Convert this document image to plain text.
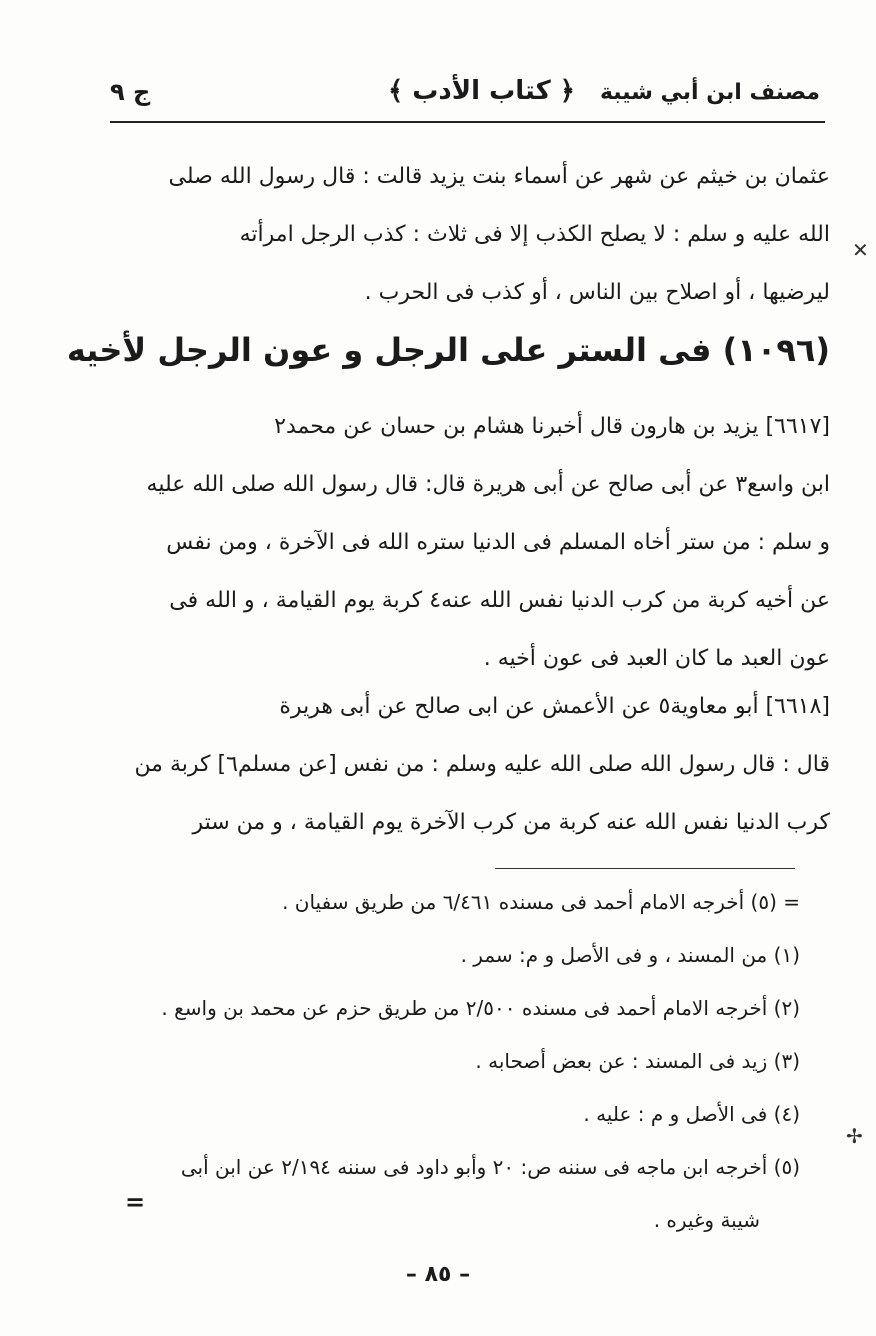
مصنف ابن أبي شيبة
﴿ كتاب الأدب ﴾
ج ٩
عثمان بن خيثم عن شهر عن أسماء بنت يزيد قالت : قال رسول الله صلى
الله عليه و سلم : لا يصلح الكذب إلا فى ثلاث : كذب الرجل امرأته
ليرضيها ، أو اصلاح بين الناس ، أو كذب فى الحرب .
(١٠٩٦) فى الستر على الرجل و عون الرجل لأخيه
[٦٦١٧] يزيد بن هارون قال أخبرنا هشام بن حسان عن محمد٢
ابن واسع٣ عن أبى صالح عن أبى هريرة قال: قال رسول الله صلى الله عليه
و سلم : من ستر أخاه المسلم فى الدنيا ستره الله فى الآخرة ، ومن نفس
عن أخيه كربة من كرب الدنيا نفس الله عنه٤ كربة يوم القيامة ، و الله فى
عون العبد ما كان العبد فى عون أخيه .
[٦٦١٨] أبو معاوية٥ عن الأعمش عن ابى صالح عن أبى هريرة
قال : قال رسول الله صلى الله عليه وسلم : من نفس [عن مسلم٦] كربة من
كرب الدنيا نفس الله عنه كربة من كرب الآخرة يوم القيامة ، و من ستر
= (٥) أخرجه الامام أحمد فى مسنده ٦/٤٦١ من طريق سفيان .
(١) من المسند ، و فى الأصل و م: سمر .
(٢) أخرجه الامام أحمد فى مسنده ٢/٥٠٠ من طريق حزم عن محمد بن واسع .
(٣) زيد فى المسند : عن بعض أصحابه .
(٤) فى الأصل و م : عليه .
(٥) أخرجه ابن ماجه فى سننه ص: ٢٠ وأبو داود فى سننه ٢/١٩٤ عن ابن أبى
شيبة وغيره .
=
– ٨٥ –
✕
✢
